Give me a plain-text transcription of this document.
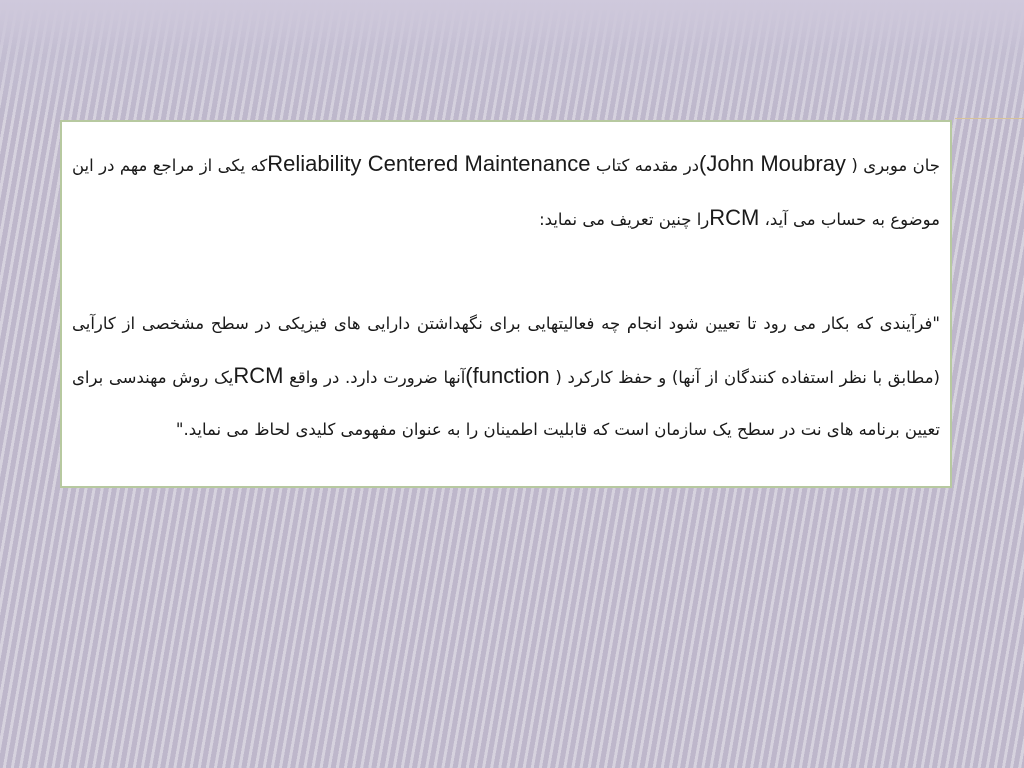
جان موبری ( (John Moubrayدر مقدمه کتاب Reliability Centered Maintenanceکه یکی از مراجع مهم در این موضوع به حساب می آید، RCMرا چنین تعریف می نماید:

"فرآیندی که بکار می رود تا تعیین شود انجام چه فعالیتهایی برای نگهداشتن دارایی های فیزیکی در سطح مشخصی از کارآیی (مطابق با نظر استفاده کنندگان از آنها) و حفظ کارکرد ( (functionآنها ضرورت دارد. در واقع RCMیک روش مهندسی برای تعیین برنامه های نت در سطح یک سازمان است که قابلیت اطمینان را به عنوان مفهومی کلیدی لحاظ می نماید."
